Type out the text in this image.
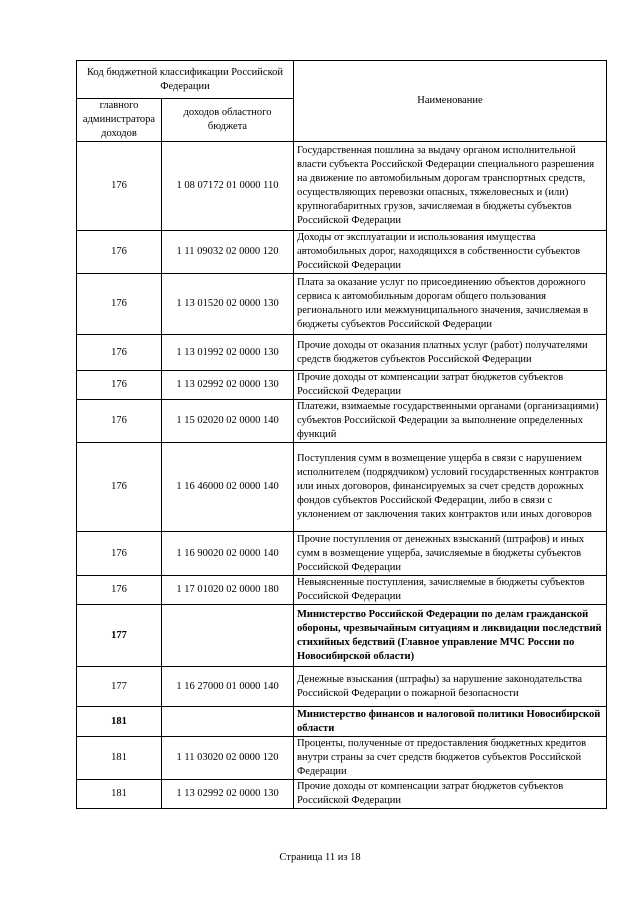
Код бюджетной классификации Российской Федерации		Наименование
главного администратора доходов	доходов областного бюджета	
176	1 08 07172 01 0000 110	Государственная пошлина за выдачу органом исполнительной власти субъекта Российской Федерации специального разрешения на движение по автомобильным дорогам транспортных средств, осуществляющих перевозки опасных, тяжеловесных и (или) крупногабаритных грузов, зачисляемая в бюджеты субъектов Российской Федерации
176	1 11 09032 02 0000 120	Доходы от эксплуатации и использования имущества автомобильных дорог, находящихся в собственности субъектов Российской Федерации
176	1 13 01520 02 0000 130	Плата за оказание услуг по присоединению объектов дорожного сервиса к автомобильным дорогам общего пользования регионального или межмуниципального значения, зачисляемая в бюджеты субъектов Российской Федерации
176	1 13 01992 02 0000 130	Прочие доходы от оказания платных услуг (работ) получателями средств бюджетов субъектов Российской Федерации
176	1 13 02992 02 0000 130	Прочие доходы от компенсации затрат бюджетов субъектов Российской Федерации
176	1 15 02020 02 0000 140	Платежи, взимаемые государственными органами (организациями) субъектов Российской Федерации за выполнение определенных функций
176	1 16 46000 02 0000 140	Поступления сумм в возмещение ущерба в связи с нарушением исполнителем (подрядчиком) условий государственных контрактов или иных договоров, финансируемых за счет средств дорожных фондов субъектов Российской Федерации, либо в связи с уклонением от заключения таких контрактов или иных договоров
176	1 16 90020 02 0000 140	Прочие поступления от денежных взысканий (штрафов) и иных сумм в возмещение ущерба, зачисляемые в бюджеты субъектов Российской Федерации
176	1 17 01020 02 0000 180	Невыясненные поступления, зачисляемые в бюджеты субъектов Российской Федерации
177		Министерство Российской Федерации по делам гражданской обороны, чрезвычайным ситуациям и ликвидации последствий стихийных бедствий (Главное управление МЧС России по Новосибирской области)
177	1 16 27000 01 0000 140	Денежные взыскания (штрафы) за нарушение законодательства Российской Федерации о пожарной безопасности
181		Министерство финансов и налоговой политики Новосибирской области
181	1 11 03020 02 0000 120	Проценты, полученные от предоставления бюджетных кредитов внутри страны за счет средств бюджетов субъектов Российской Федерации
181	1 13 02992 02 0000 130	Прочие доходы от компенсации затрат бюджетов субъектов Российской Федерации
Страница 11 из 18
